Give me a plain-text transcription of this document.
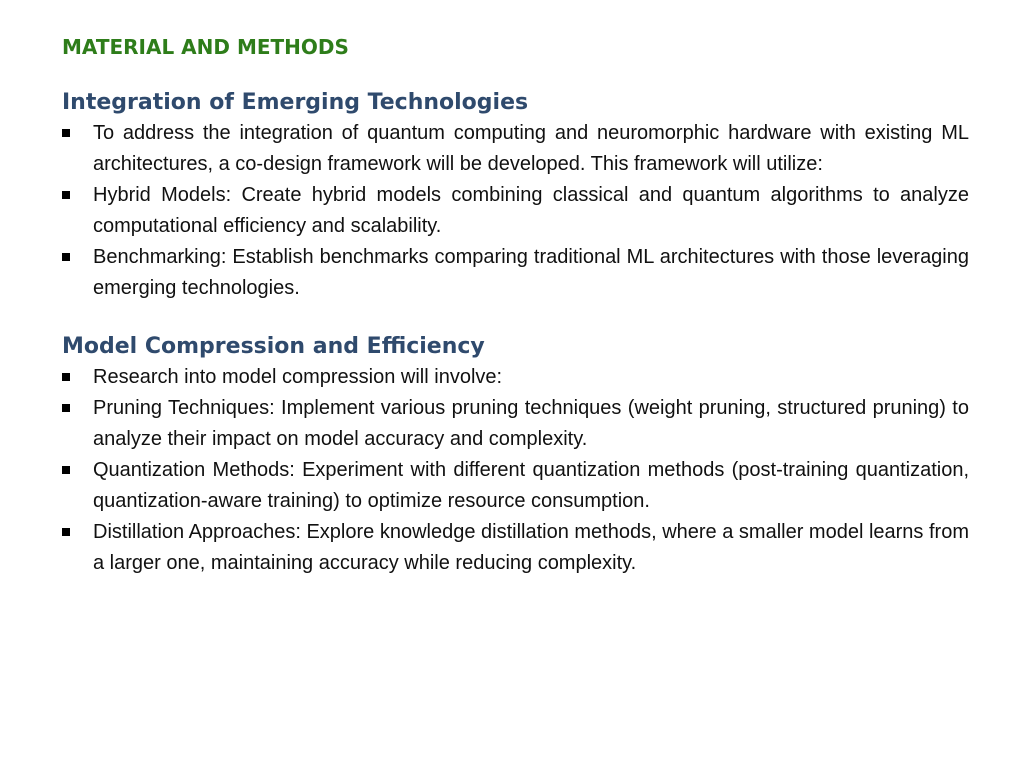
MATERIAL AND METHODS
Integration of Emerging Technologies
To address the integration of quantum computing and neuromorphic hardware with existing ML architectures, a co-design framework will be developed. This framework will utilize:
Hybrid Models: Create hybrid models combining classical and quantum algorithms to analyze computational efficiency and scalability.
Benchmarking: Establish benchmarks comparing traditional ML architectures with those leveraging emerging technologies.
Model Compression and Efficiency
Research into model compression will involve:
Pruning Techniques: Implement various pruning techniques (weight pruning, structured pruning) to analyze their impact on model accuracy and complexity.
Quantization Methods: Experiment with different quantization methods (post-training quantization, quantization-aware training) to optimize resource consumption.
Distillation Approaches: Explore knowledge distillation methods, where a smaller model learns from a larger one, maintaining accuracy while reducing complexity.
